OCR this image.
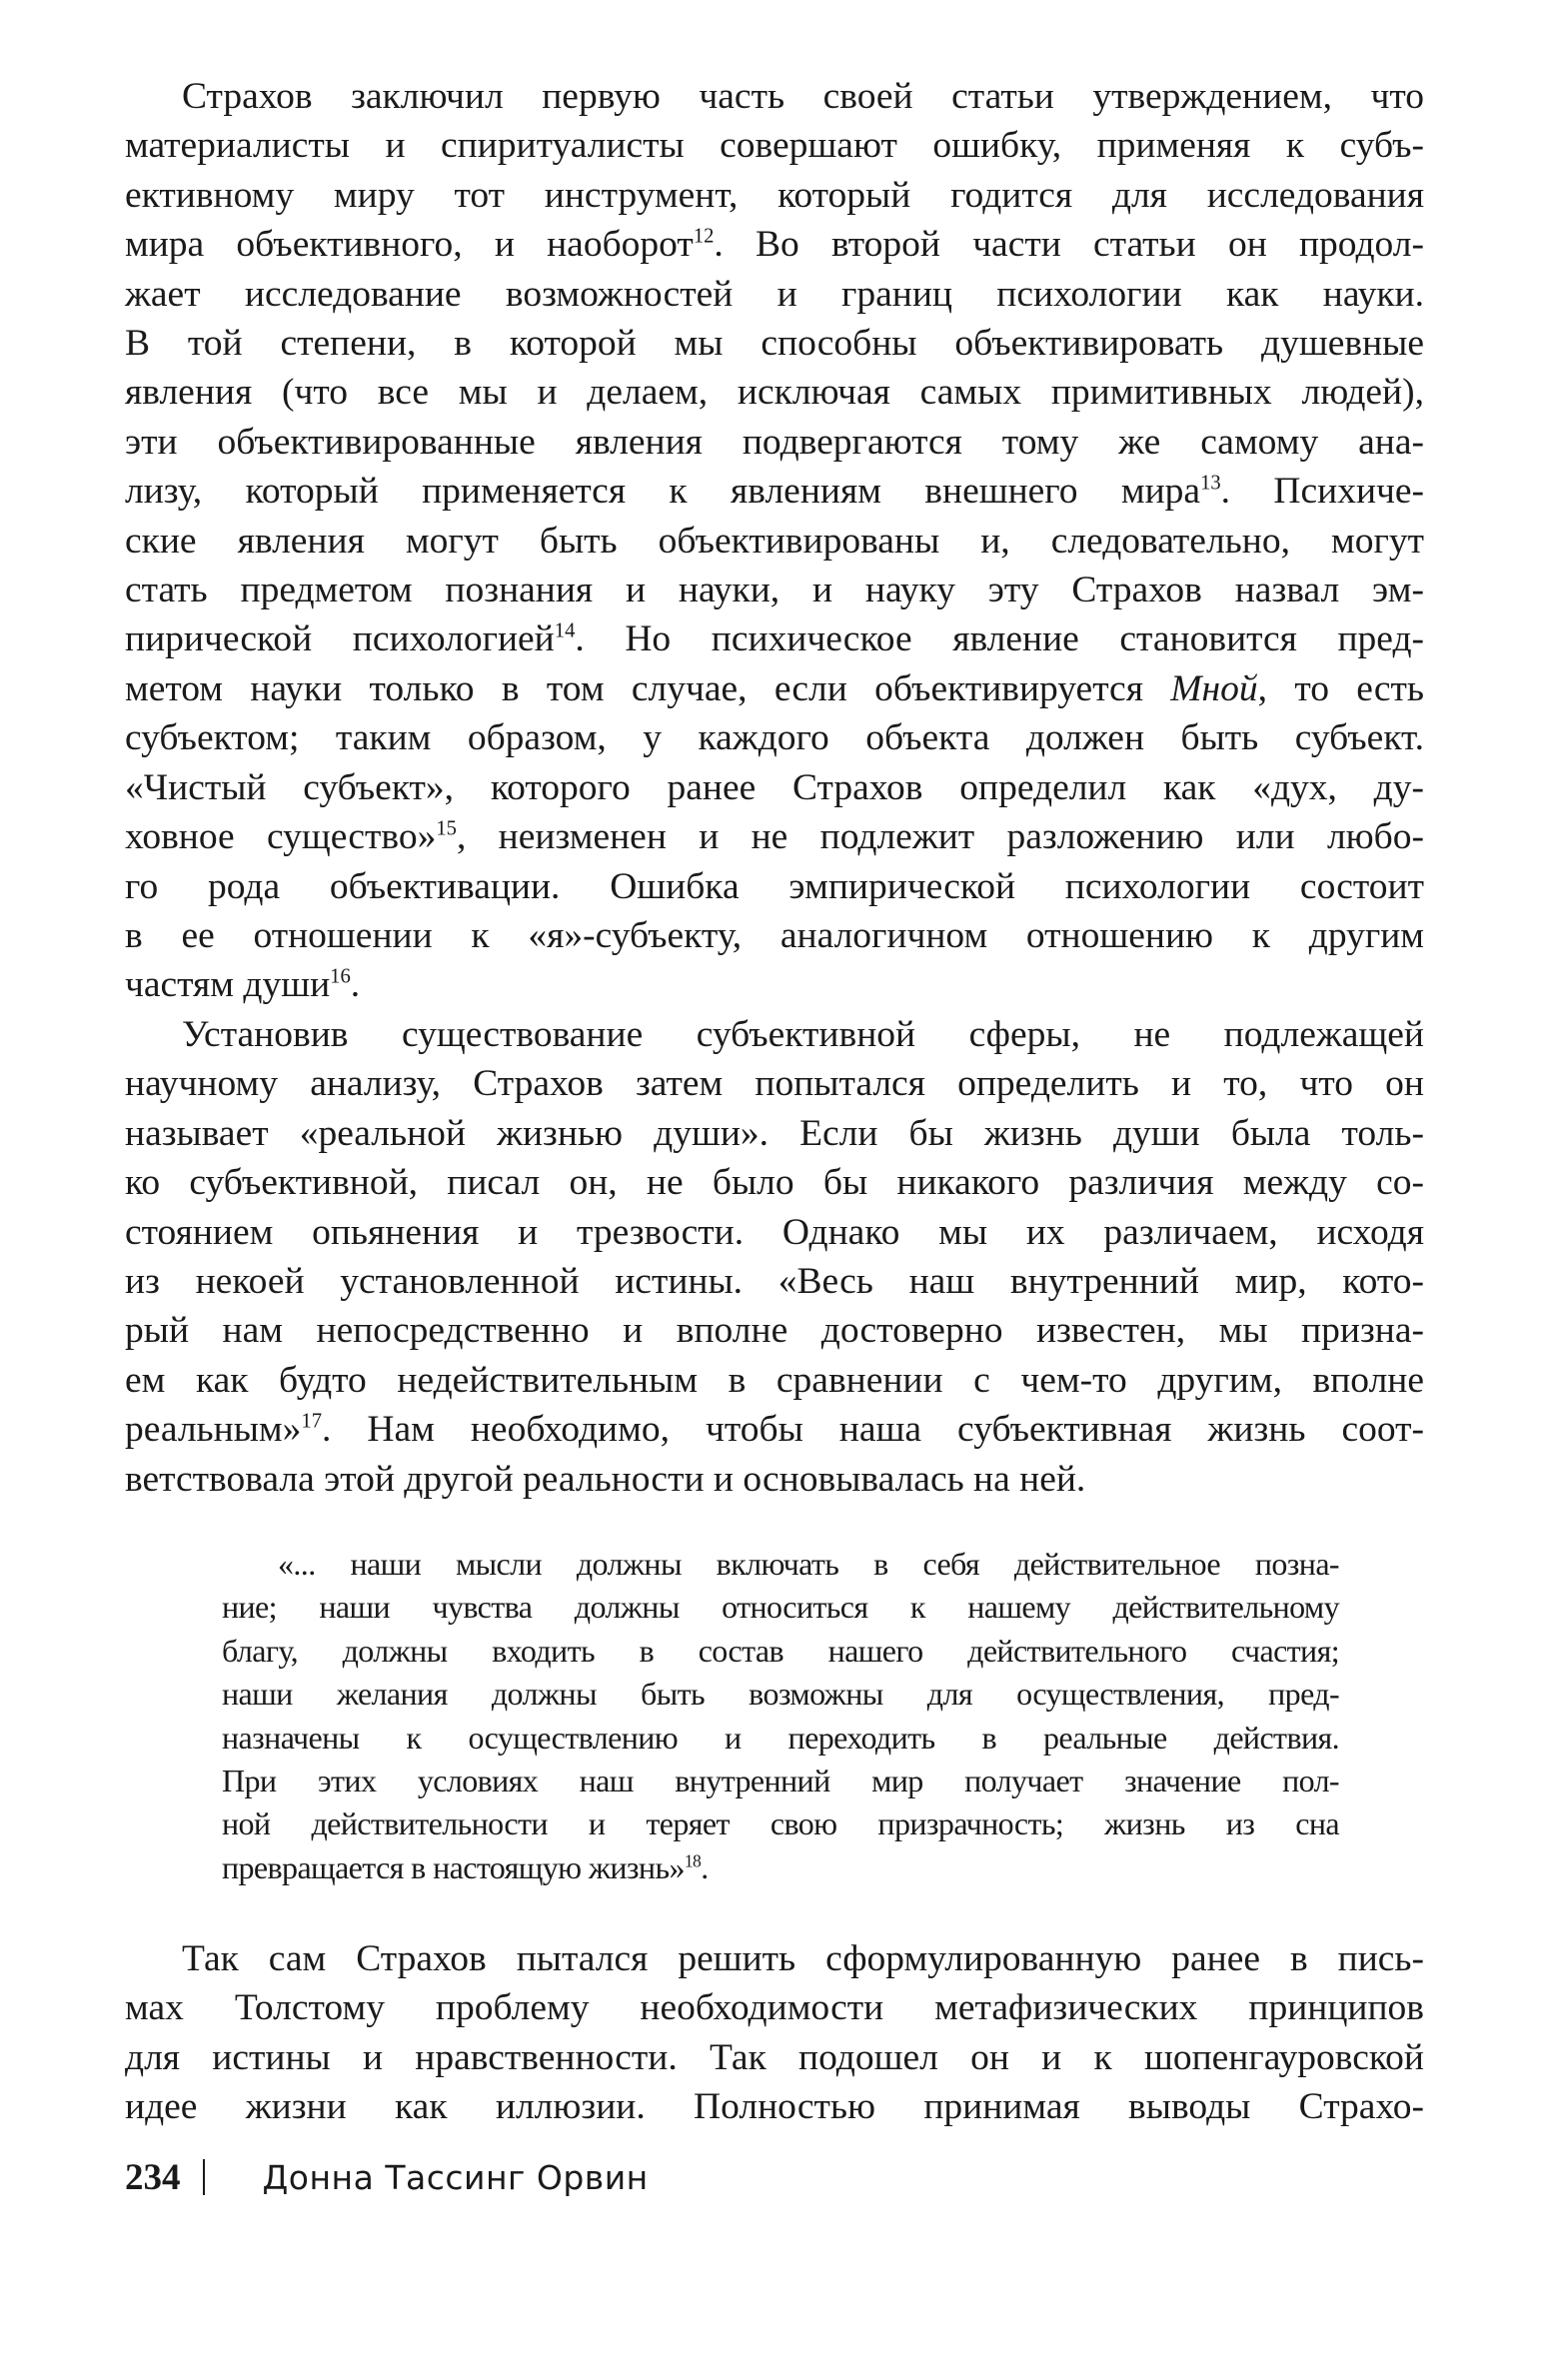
Страхов заключил первую часть своей статьи утверждением, что
материалисты и спиритуалисты совершают ошибку, применяя к субъ-
ективному миру тот инструмент, который годится для исследования
мира объективного, и наоборот$^{12}$. Во второй части статьи он продол-
жает исследование возможностей и границ психологии как науки.
В той степени, в которой мы способны объективировать душевные
явления (что все мы и делаем, исключая самых примитивных людей),
эти объективированные явления подвергаются тому же самому ана-
лизу, который применяется к явлениям внешнего мира$^{13}$. Психиче-
ские явления могут быть объективированы и, следовательно, могут
стать предметом познания и науки, и науку эту Страхов назвал эм-
пирической психологией$^{14}$. Но психическое явление становится пред-
метом науки только в том случае, если объективируется Мной, то есть
субъектом; таким образом, у каждого объекта должен быть субъект.
«Чистый субъект», которого ранее Страхов определил как «дух, ду-
ховное существо»$^{15}$, неизменен и не подлежит разложению или любо-
го рода объективации. Ошибка эмпирической психологии состоит
в ее отношении к «я»-субъекту, аналогичном отношению к другим
частям души$^{16}$.

Установив существование субъективной сферы, не подлежащей
научному анализу, Страхов затем попытался определить и то, что он
называет «реальной жизнью души». Если бы жизнь души была толь-
ко субъективной, писал он, не было бы никакого различия между со-
стоянием опьянения и трезвости. Однако мы их различаем, исходя
из некоей установленной истины. «Весь наш внутренний мир, кото-
рый нам непосредственно и вполне достоверно известен, мы призна-
ем как будто недействительным в сравнении с чем-то другим, вполне
реальным»$^{17}$. Нам необходимо, чтобы наша субъективная жизнь соот-
ветствовала этой другой реальности и основывалась на ней.

«... наши мысли должны включать в себя действительное позна-
ние; наши чувства должны относиться к нашему действительному
благу, должны входить в состав нашего действительного счастия;
наши желания должны быть возможны для осуществления, пред-
назначены к осуществлению и переходить в реальные действия.
При этих условиях наш внутренний мир получает значение пол-
ной действительности и теряет свою призрачность; жизнь из сна
превращается в настоящую жизнь»$^{18}$.

Так сам Страхов пытался решить сформулированную ранее в пись-
мах Толстому проблему необходимости метафизических принципов
для истины и нравственности. Так подошел он и к шопенгауровской
идее жизни как иллюзии. Полностью принимая выводы Страхо-

234 Донна Тассинг Орвин
